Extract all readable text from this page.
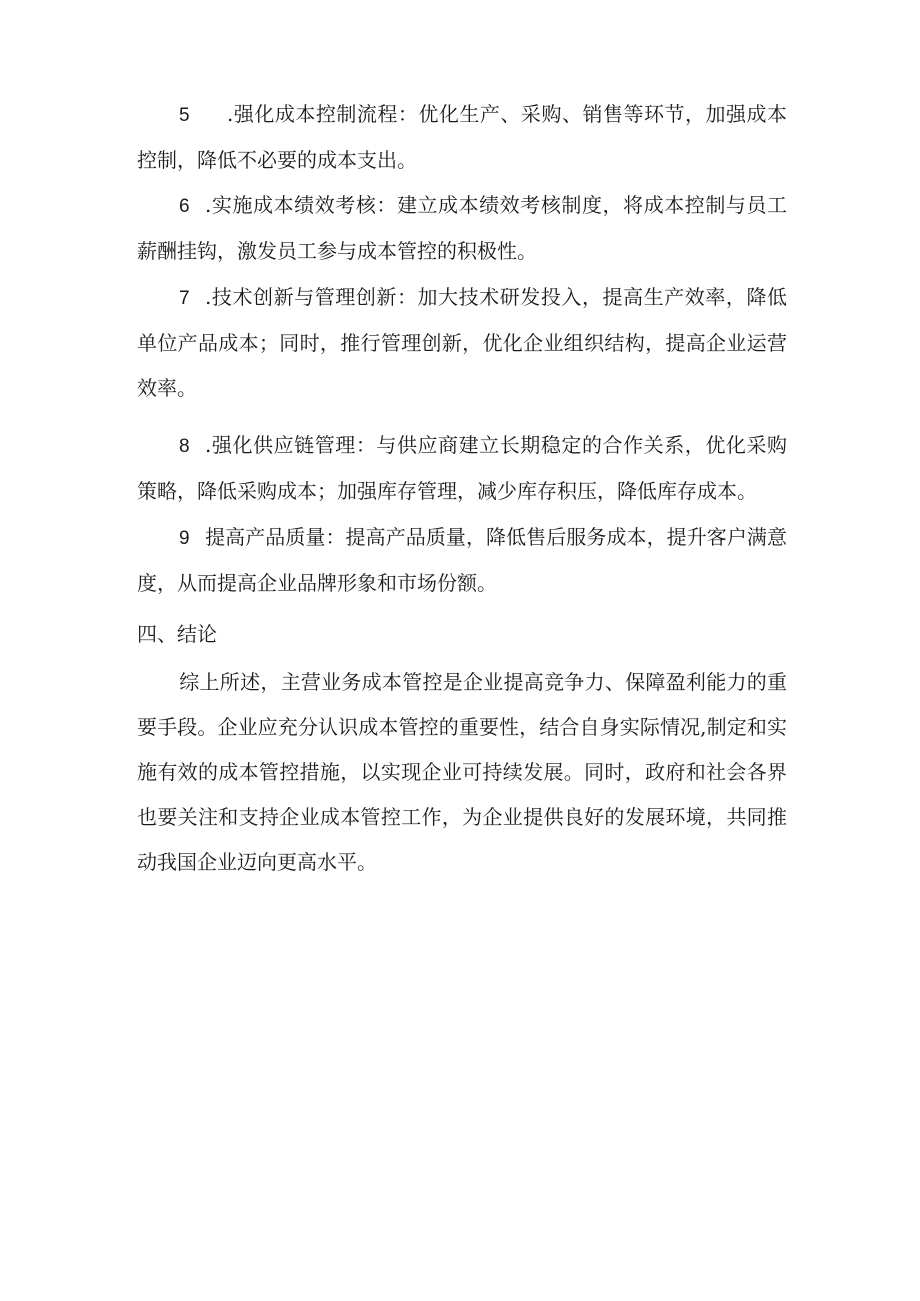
5 .强化成本控制流程：优化生产、采购、销售等环节，加强成本控制，降低不必要的成本支出。

6 .实施成本绩效考核：建立成本绩效考核制度，将成本控制与员工薪酬挂钩，激发员工参与成本管控的积极性。

7 .技术创新与管理创新：加大技术研发投入，提高生产效率，降低单位产品成本；同时，推行管理创新，优化企业组织结构，提高企业运营效率。

8 .强化供应链管理：与供应商建立长期稳定的合作关系，优化采购策略，降低采购成本；加强库存管理，减少库存积压，降低库存成本。

9 提高产品质量：提高产品质量，降低售后服务成本，提升客户满意度，从而提高企业品牌形象和市场份额。

四、结论

综上所述，主营业务成本管控是企业提高竞争力、保障盈利能力的重要手段。企业应充分认识成本管控的重要性，结合自身实际情况,制定和实施有效的成本管控措施，以实现企业可持续发展。同时，政府和社会各界也要关注和支持企业成本管控工作，为企业提供良好的发展环境，共同推动我国企业迈向更高水平。
